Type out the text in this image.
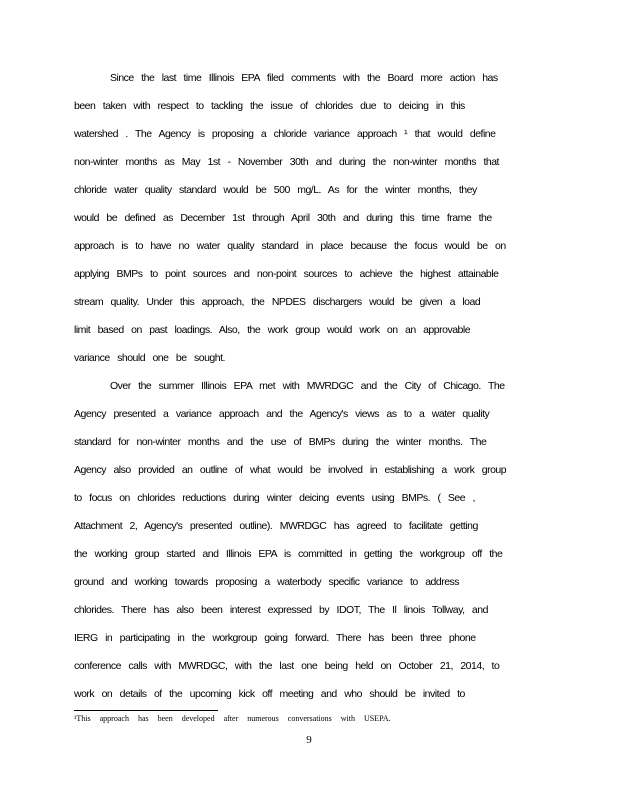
Since the last time Illinois EPA filed comments with the Board more action has
been taken with respect to tackling the issue of chlorides due to deicing in this
watershed . The Agency is proposing a chloride variance approach ¹ that would define
non-winter months as May 1st - November 30th and during the non-winter months that
chloride water quality standard would be 500 mg/L. As for the winter months, they
would be defined as December 1st through April 30th and during this time frame the
approach is to have no water quality standard in place because the focus would be on
applying BMPs to point sources and non-point sources to achieve the highest attainable
stream quality. Under this approach, the NPDES dischargers would be given a load
limit based on past loadings. Also, the work group would work on an approvable
variance should one be sought.
Over the summer Illinois EPA met with MWRDGC and the City of Chicago. The
Agency presented a variance approach and the Agency's views as to a water quality
standard for non-winter months and the use of BMPs during the winter months. The
Agency also provided an outline of what would be involved in establishing a work group
to focus on chlorides reductions during winter deicing events using BMPs. ( See ,
Attachment 2, Agency's presented outline). MWRDGC has agreed to facilitate getting
the working group started and Illinois EPA is committed in getting the workgroup off the
ground and working towards proposing a waterbody specific variance to address
chlorides. There has also been interest expressed by IDOT, The Il linois Tollway, and
IERG in participating in the workgroup going forward. There has been three phone
conference calls with MWRDGC, with the last one being held on October 21, 2014, to
work on details of the upcoming kick off meeting and who should be invited to
¹This approach has been developed after numerous conversations with USEPA.
9
